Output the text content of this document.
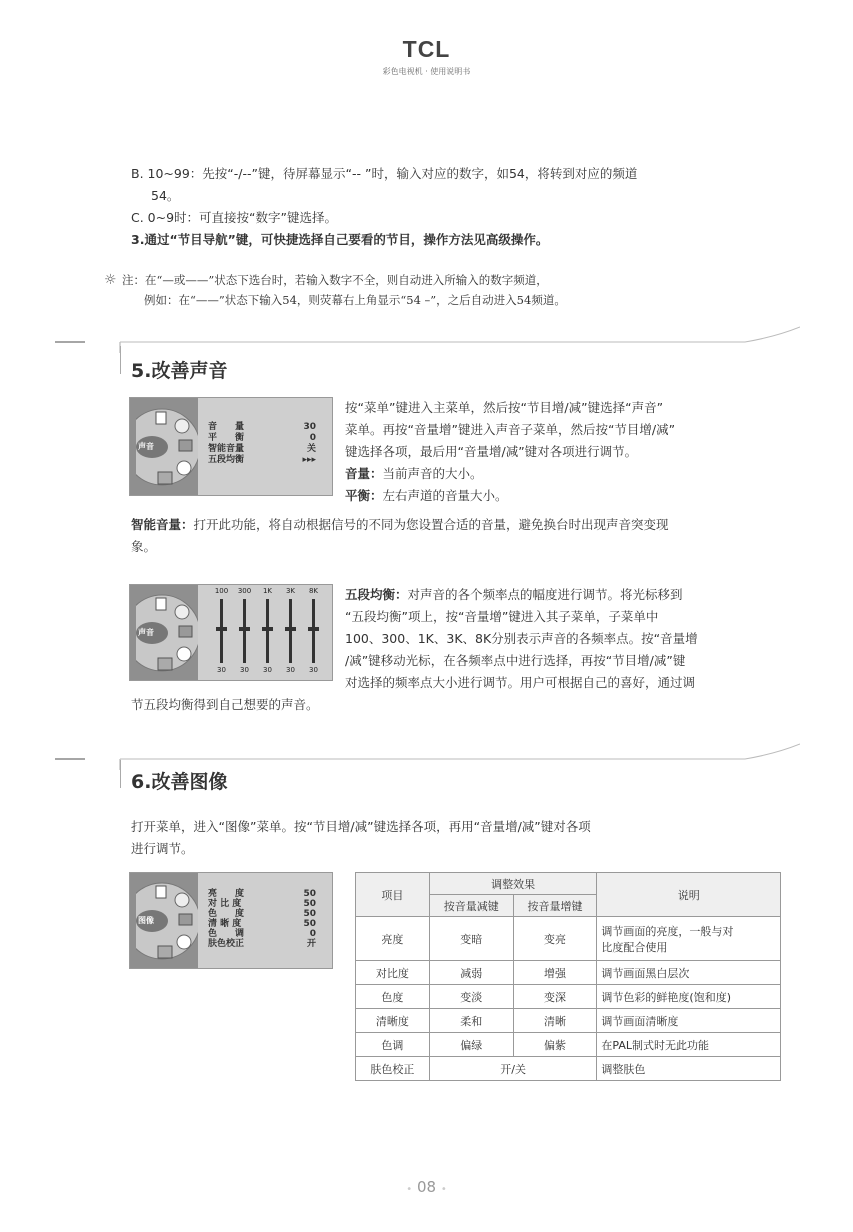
TCL
彩色电视机 · 使用说明书
B. 10~99：先按“-/--”键，待屏幕显示“-- ”时，输入对应的数字，如54，将转到对应的频道
54。
C. 0~9时：可直接按“数字”键选择。
3.通过“节目导航”键，可快捷选择自己要看的节目，操作方法见高级操作。
☼ 注：在“—或——”状态下选台时，若输入数字不全，则自动进入所输入的数字频道，
例如：在“——”状态下输入54，则荧幕右上角显示“54 –”，之后自动进入54频道。
5.改善声音
声音
音　　量	30
平　　衡	0
智能音量	关
五段均衡	▸▸▸
按“菜单”键进入主菜单，然后按“节目增/减”键选择“声音”
菜单。再按“音量增”键进入声音子菜单，然后按“节目增/减”
键选择各项，最后用“音量增/减”键对各项进行调节。
音量：当前声音的大小。
平衡：左右声道的音量大小。
智能音量：打开此功能，将自动根据信号的不同为您设置合适的音量，避免换台时出现声音突变现
象。
声音
100
30
300
30
1K
30
3K
30
8K
30
五段均衡：对声音的各个频率点的幅度进行调节。将光标移到
“五段均衡”项上，按“音量增”键进入其子菜单，子菜单中
100、300、1K、3K、8K分别表示声音的各频率点。按“音量增
/减”键移动光标，在各频率点中进行选择，再按“节目增/减”键
对选择的频率点大小进行调节。用户可根据自己的喜好，通过调
节五段均衡得到自己想要的声音。
6.改善图像
打开菜单，进入“图像”菜单。按“节目增/减”键选择各项，再用“音量增/减”键对各项
进行调节。
图像
亮　　度	50
对 比 度	50
色　　度	50
清 晰 度	50
色　　调	0
肤色校正	开
项目	调整效果		说明
	按音量减键	按音量增键	
亮度	变暗	变亮	调节画面的亮度，一般与对
比度配合使用

对比度	减弱	增强	调节画面黑白层次
色度	变淡	变深	调节色彩的鲜艳度(饱和度)
清晰度	柔和	清晰	调节画面清晰度
色调	偏绿	偏紫	在PAL制式时无此功能
肤色校正	开/关		调整肤色
• 08 •
